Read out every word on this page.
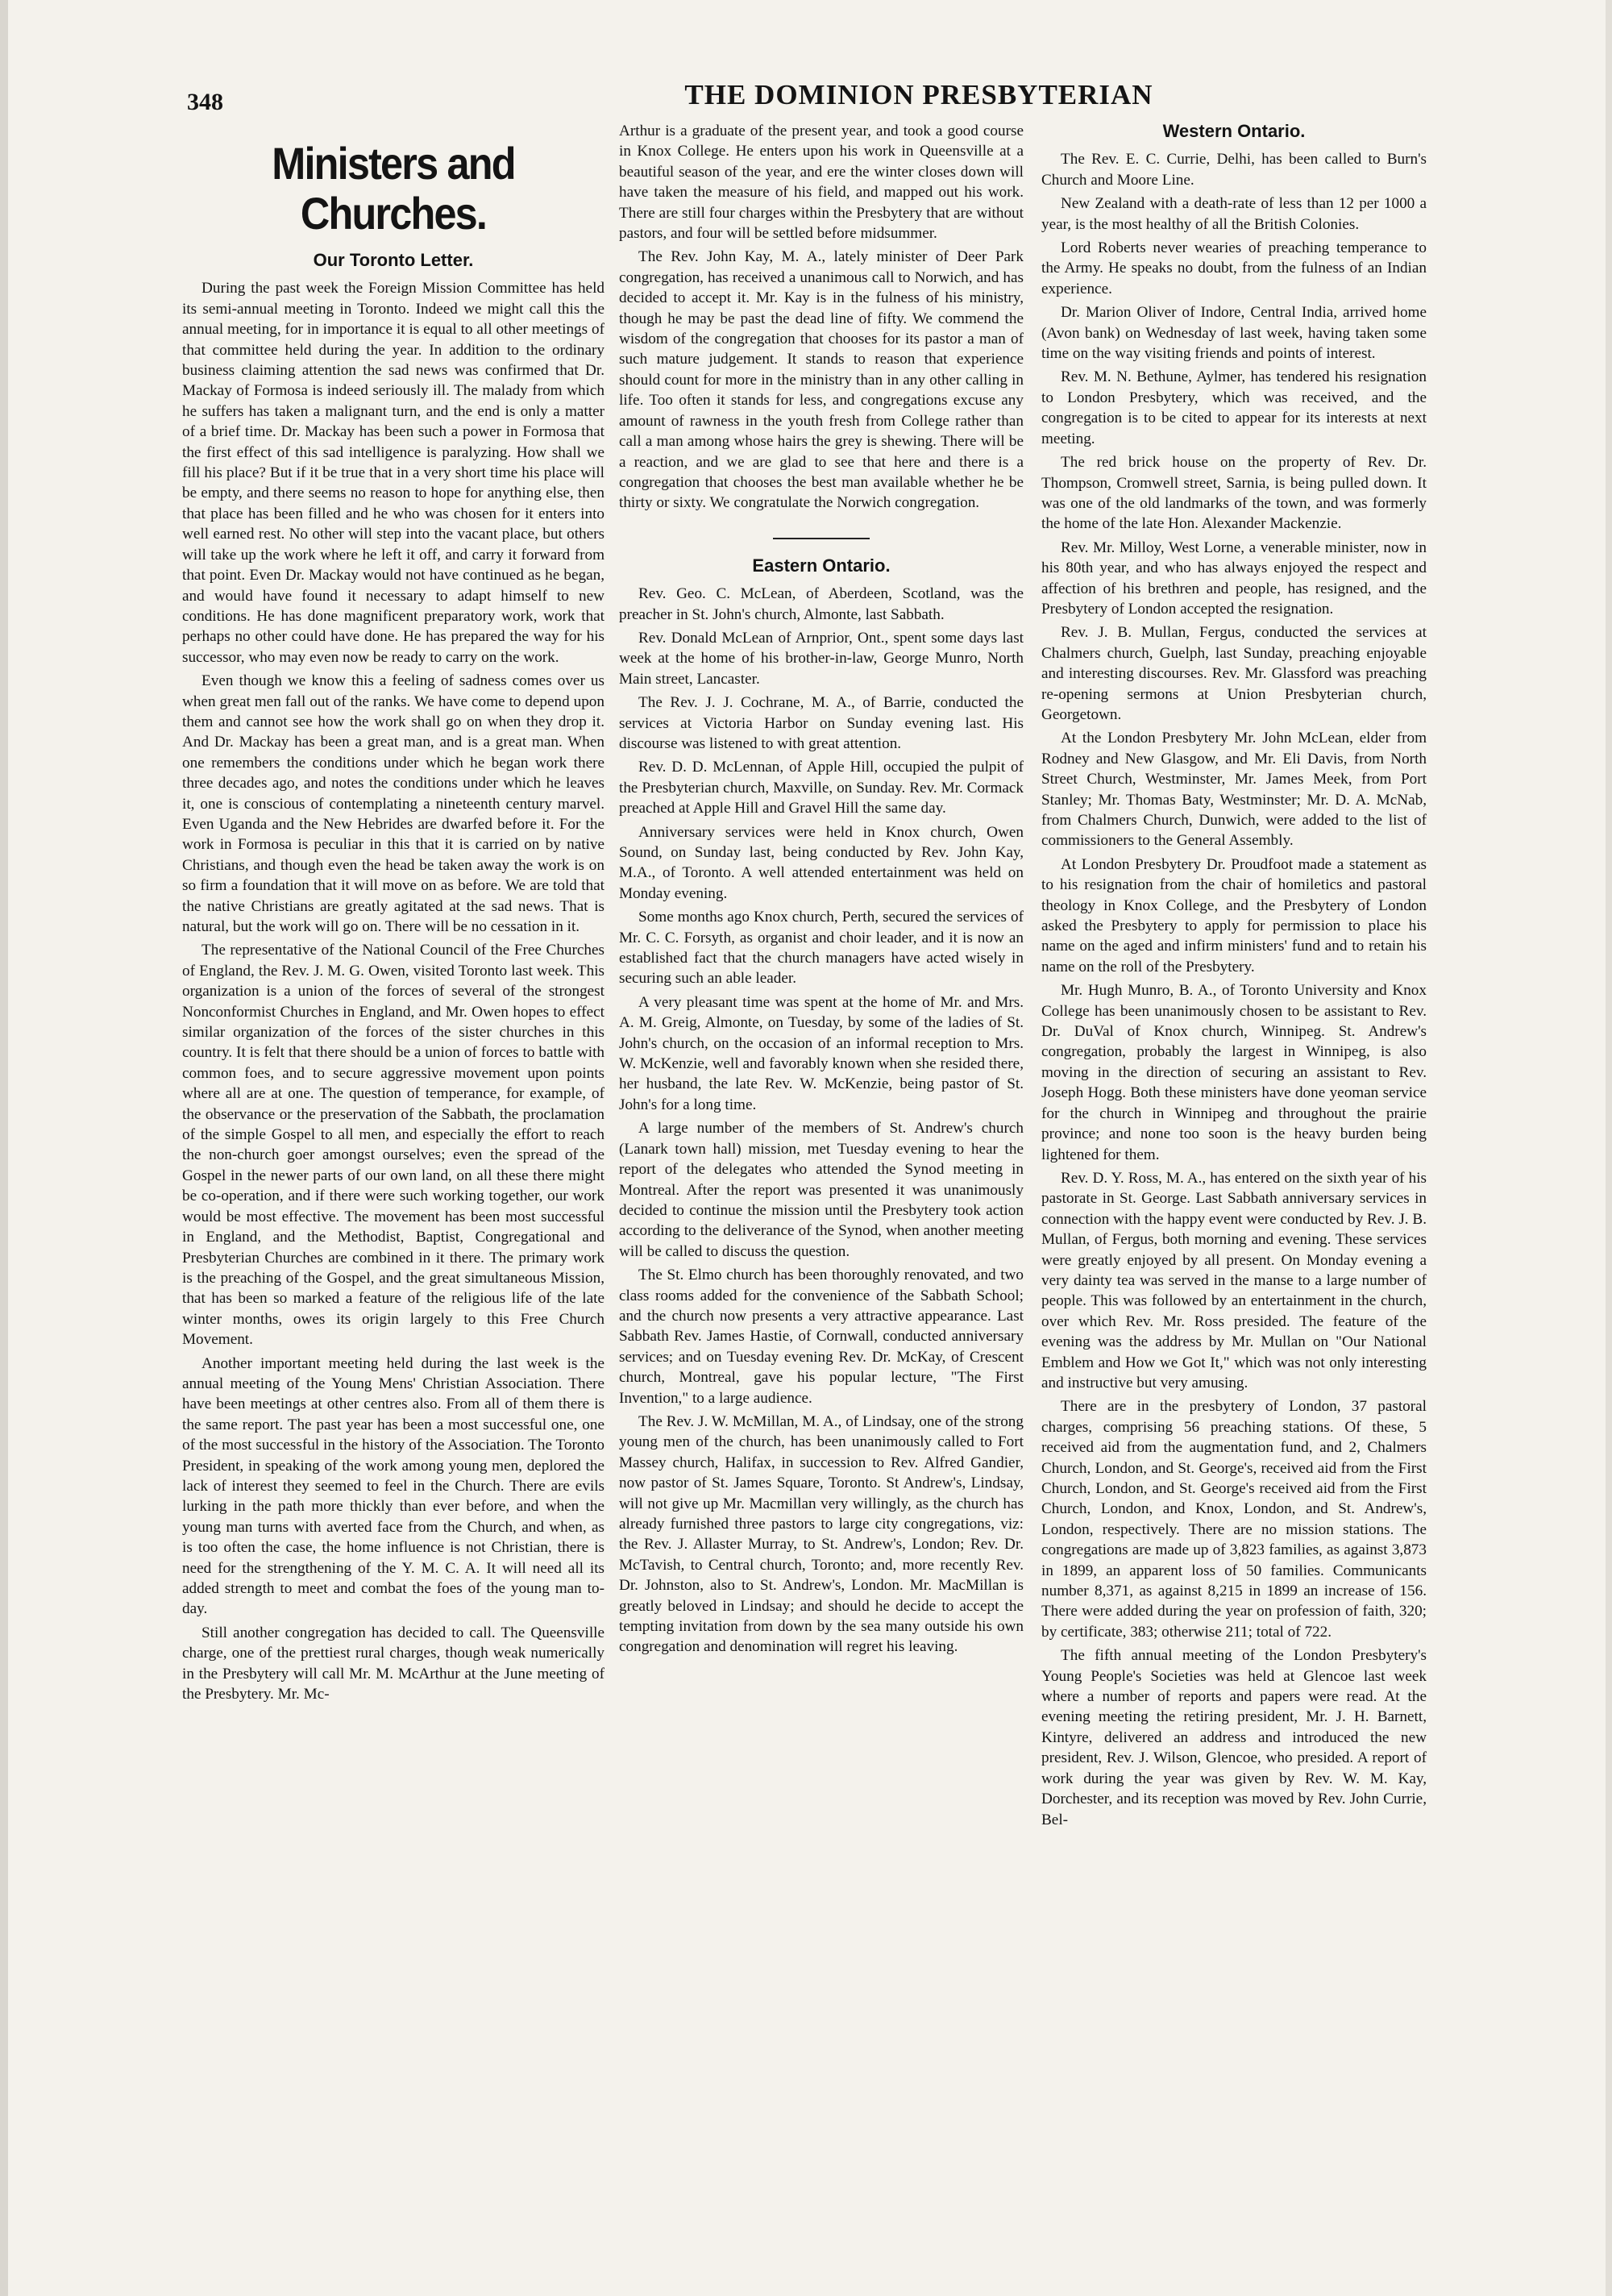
348	THE DOMINION PRESBYTERIAN
Ministers and Churches.
Our Toronto Letter.

During the past week the Foreign Mission Committee has held its semi-annual meeting in Toronto. Indeed we might call this the annual meeting, for in importance it is equal to all other meetings of that committee held during the year. In addition to the ordinary business claiming attention the sad news was confirmed that Dr. Mackay of Formosa is indeed seriously ill. The malady from which he suffers has taken a malignant turn, and the end is only a matter of a brief time. Dr. Mackay has been such a power in Formosa that the first effect of this sad intelligence is paralyzing. How shall we fill his place? But if it be true that in a very short time his place will be empty, and there seems no reason to hope for anything else, then that place has been filled and he who was chosen for it enters into well earned rest. No other will step into the vacant place, but others will take up the work where he left it off, and carry it forward from that point. Even Dr. Mackay would not have continued as he began, and would have found it necessary to adapt himself to new conditions. He has done magnificent preparatory work, work that perhaps no other could have done. He has prepared the way for his successor, who may even now be ready to carry on the work.

Even though we know this a feeling of sadness comes over us when great men fall out of the ranks. We have come to depend upon them and cannot see how the work shall go on when they drop it. And Dr. Mackay has been a great man, and is a great man. When one remembers the conditions under which he began work there three decades ago, and notes the conditions under which he leaves it, one is conscious of contemplating a nineteenth century marvel. Even Uganda and the New Hebrides are dwarfed before it. For the work in Formosa is peculiar in this that it is carried on by native Christians, and though even the head be taken away the work is on so firm a foundation that it will move on as before. We are told that the native Christians are greatly agitated at the sad news. That is natural, but the work will go on. There will be no cessation in it.

The representative of the National Council of the Free Churches of England, the Rev. J. M. G. Owen, visited Toronto last week. This organization is a union of the forces of several of the strongest Nonconformist Churches in England, and Mr. Owen hopes to effect similar organization of the forces of the sister churches in this country. It is felt that there should be a union of forces to battle with common foes, and to secure aggressive movement upon points where all are at one. The question of temperance, for example, of the observance or the preservation of the Sabbath, the proclamation of the simple Gospel to all men, and especially the effort to reach the non-church goer amongst ourselves; even the spread of the Gospel in the newer parts of our own land, on all these there might be co-operation, and if there were such working together, our work would be most effective. The movement has been most successful in England, and the Methodist, Baptist, Congregational and Presbyterian Churches are combined in it there. The primary work is the preaching of the Gospel, and the great simultaneous Mission, that has been so marked a feature of the religious life of the late winter months, owes its origin largely to this Free Church Movement.

Another important meeting held during the last week is the annual meeting of the Young Mens' Christian Association. There have been meetings at other centres also. From all of them there is the same report. The past year has been a most successful one, one of the most successful in the history of the Association. The Toronto President, in speaking of the work among young men, deplored the lack of interest they seemed to feel in the Church. There are evils lurking in the path more thickly than ever before, and when the young man turns with averted face from the Church, and when, as is too often the case, the home influence is not Christian, there is need for the strengthening of the Y. M. C. A. It will need all its added strength to meet and combat the foes of the young man to-day.

Still another congregation has decided to call. The Queensville charge, one of the prettiest rural charges, though weak numerically in the Presbytery will call Mr. M. McArthur at the June meeting of the Presbytery. Mr. Mc-

Arthur is a graduate of the present year, and took a good course in Knox College. He enters upon his work in Queensville at a beautiful season of the year, and ere the winter closes down will have taken the measure of his field, and mapped out his work. There are still four charges within the Presbytery that are without pastors, and four will be settled before midsummer.

The Rev. John Kay, M. A., lately minister of Deer Park congregation, has received a unanimous call to Norwich, and has decided to accept it. Mr. Kay is in the fulness of his ministry, though he may be past the dead line of fifty. We commend the wisdom of the congregation that chooses for its pastor a man of such mature judgement. It stands to reason that experience should count for more in the ministry than in any other calling in life. Too often it stands for less, and congregations excuse any amount of rawness in the youth fresh from College rather than call a man among whose hairs the grey is shewing. There will be a reaction, and we are glad to see that here and there is a congregation that chooses the best man available whether he be thirty or sixty. We congratulate the Norwich congregation.

Eastern Ontario.

Rev. Geo. C. McLean, of Aberdeen, Scotland, was the preacher in St. John's church, Almonte, last Sabbath.

Rev. Donald McLean of Arnprior, Ont., spent some days last week at the home of his brother-in-law, George Munro, North Main street, Lancaster.

The Rev. J. J. Cochrane, M. A., of Barrie, conducted the services at Victoria Harbor on Sunday evening last. His discourse was listened to with great attention.

Rev. D. D. McLennan, of Apple Hill, occupied the pulpit of the Presbyterian church, Maxville, on Sunday. Rev. Mr. Cormack preached at Apple Hill and Gravel Hill the same day.

Anniversary services were held in Knox church, Owen Sound, on Sunday last, being conducted by Rev. John Kay, M.A., of Toronto. A well attended entertainment was held on Monday evening.

Some months ago Knox church, Perth, secured the services of Mr. C. C. Forsyth, as organist and choir leader, and it is now an established fact that the church managers have acted wisely in securing such an able leader.

A very pleasant time was spent at the home of Mr. and Mrs. A. M. Greig, Almonte, on Tuesday, by some of the ladies of St. John's church, on the occasion of an informal reception to Mrs. W. McKenzie, well and favorably known when she resided there, her husband, the late Rev. W. McKenzie, being pastor of St. John's for a long time.

A large number of the members of St. Andrew's church (Lanark town hall) mission, met Tuesday evening to hear the report of the delegates who attended the Synod meeting in Montreal. After the report was presented it was unanimously decided to continue the mission until the Presbytery took action according to the deliverance of the Synod, when another meeting will be called to discuss the question.

The St. Elmo church has been thoroughly renovated, and two class rooms added for the convenience of the Sabbath School; and the church now presents a very attractive appearance. Last Sabbath Rev. James Hastie, of Cornwall, conducted anniversary services; and on Tuesday evening Rev. Dr. McKay, of Crescent church, Montreal, gave his popular lecture, "The First Invention," to a large audience.

The Rev. J. W. McMillan, M. A., of Lindsay, one of the strong young men of the church, has been unanimously called to Fort Massey church, Halifax, in succession to Rev. Alfred Gandier, now pastor of St. James Square, Toronto. St Andrew's, Lindsay, will not give up Mr. Macmillan very willingly, as the church has already furnished three pastors to large city congregations, viz: the Rev. J. Allaster Murray, to St. Andrew's, London; Rev. Dr. McTavish, to Central church, Toronto; and, more recently Rev. Dr. Johnston, also to St. Andrew's, London. Mr. MacMillan is greatly beloved in Lindsay; and should he decide to accept the tempting invitation from down by the sea many outside his own congregation and denomination will regret his leaving.

Western Ontario.

The Rev. E. C. Currie, Delhi, has been called to Burn's Church and Moore Line.

New Zealand with a death-rate of less than 12 per 1000 a year, is the most healthy of all the British Colonies.

Lord Roberts never wearies of preaching temperance to the Army. He speaks no doubt, from the fulness of an Indian experience.

Dr. Marion Oliver of Indore, Central India, arrived home (Avon bank) on Wednesday of last week, having taken some time on the way visiting friends and points of interest.

Rev. M. N. Bethune, Aylmer, has tendered his resignation to London Presbytery, which was received, and the congregation is to be cited to appear for its interests at next meeting.

The red brick house on the property of Rev. Dr. Thompson, Cromwell street, Sarnia, is being pulled down. It was one of the old landmarks of the town, and was formerly the home of the late Hon. Alexander Mackenzie.

Rev. Mr. Milloy, West Lorne, a venerable minister, now in his 80th year, and who has always enjoyed the respect and affection of his brethren and people, has resigned, and the Presbytery of London accepted the resignation.

Rev. J. B. Mullan, Fergus, conducted the services at Chalmers church, Guelph, last Sunday, preaching enjoyable and interesting discourses. Rev. Mr. Glassford was preaching re-opening sermons at Union Presbyterian church, Georgetown.

At the London Presbytery Mr. John McLean, elder from Rodney and New Glasgow, and Mr. Eli Davis, from North Street Church, Westminster, Mr. James Meek, from Port Stanley; Mr. Thomas Baty, Westminster; Mr. D. A. McNab, from Chalmers Church, Dunwich, were added to the list of commissioners to the General Assembly.

At London Presbytery Dr. Proudfoot made a statement as to his resignation from the chair of homiletics and pastoral theology in Knox College, and the Presbytery of London asked the Presbytery to apply for permission to place his name on the aged and infirm ministers' fund and to retain his name on the roll of the Presbytery.

Mr. Hugh Munro, B. A., of Toronto University and Knox College has been unanimously chosen to be assistant to Rev. Dr. DuVal of Knox church, Winnipeg. St. Andrew's congregation, probably the largest in Winnipeg, is also moving in the direction of securing an assistant to Rev. Joseph Hogg. Both these ministers have done yeoman service for the church in Winnipeg and throughout the prairie province; and none too soon is the heavy burden being lightened for them.

Rev. D. Y. Ross, M. A., has entered on the sixth year of his pastorate in St. George. Last Sabbath anniversary services in connection with the happy event were conducted by Rev. J. B. Mullan, of Fergus, both morning and evening. These services were greatly enjoyed by all present. On Monday evening a very dainty tea was served in the manse to a large number of people. This was followed by an entertainment in the church, over which Rev. Mr. Ross presided. The feature of the evening was the address by Mr. Mullan on "Our National Emblem and How we Got It," which was not only interesting and instructive but very amusing.

There are in the presbytery of London, 37 pastoral charges, comprising 56 preaching stations. Of these, 5 received aid from the augmentation fund, and 2, Chalmers Church, London, and St. George's, received aid from the First Church, London, and St. George's received aid from the First Church, London, and Knox, London, and St. Andrew's, London, respectively. There are no mission stations. The congregations are made up of 3,823 families, as against 3,873 in 1899, an apparent loss of 50 families. Communicants number 8,371, as against 8,215 in 1899 an increase of 156. There were added during the year on profession of faith, 320; by certificate, 383; otherwise 211; total of 722.

The fifth annual meeting of the London Presbytery's Young People's Societies was held at Glencoe last week where a number of reports and papers were read. At the evening meeting the retiring president, Mr. J. H. Barnett, Kintyre, delivered an address and introduced the new president, Rev. J. Wilson, Glencoe, who presided. A report of work during the year was given by Rev. W. M. Kay, Dorchester, and its reception was moved by Rev. John Currie, Bel-
